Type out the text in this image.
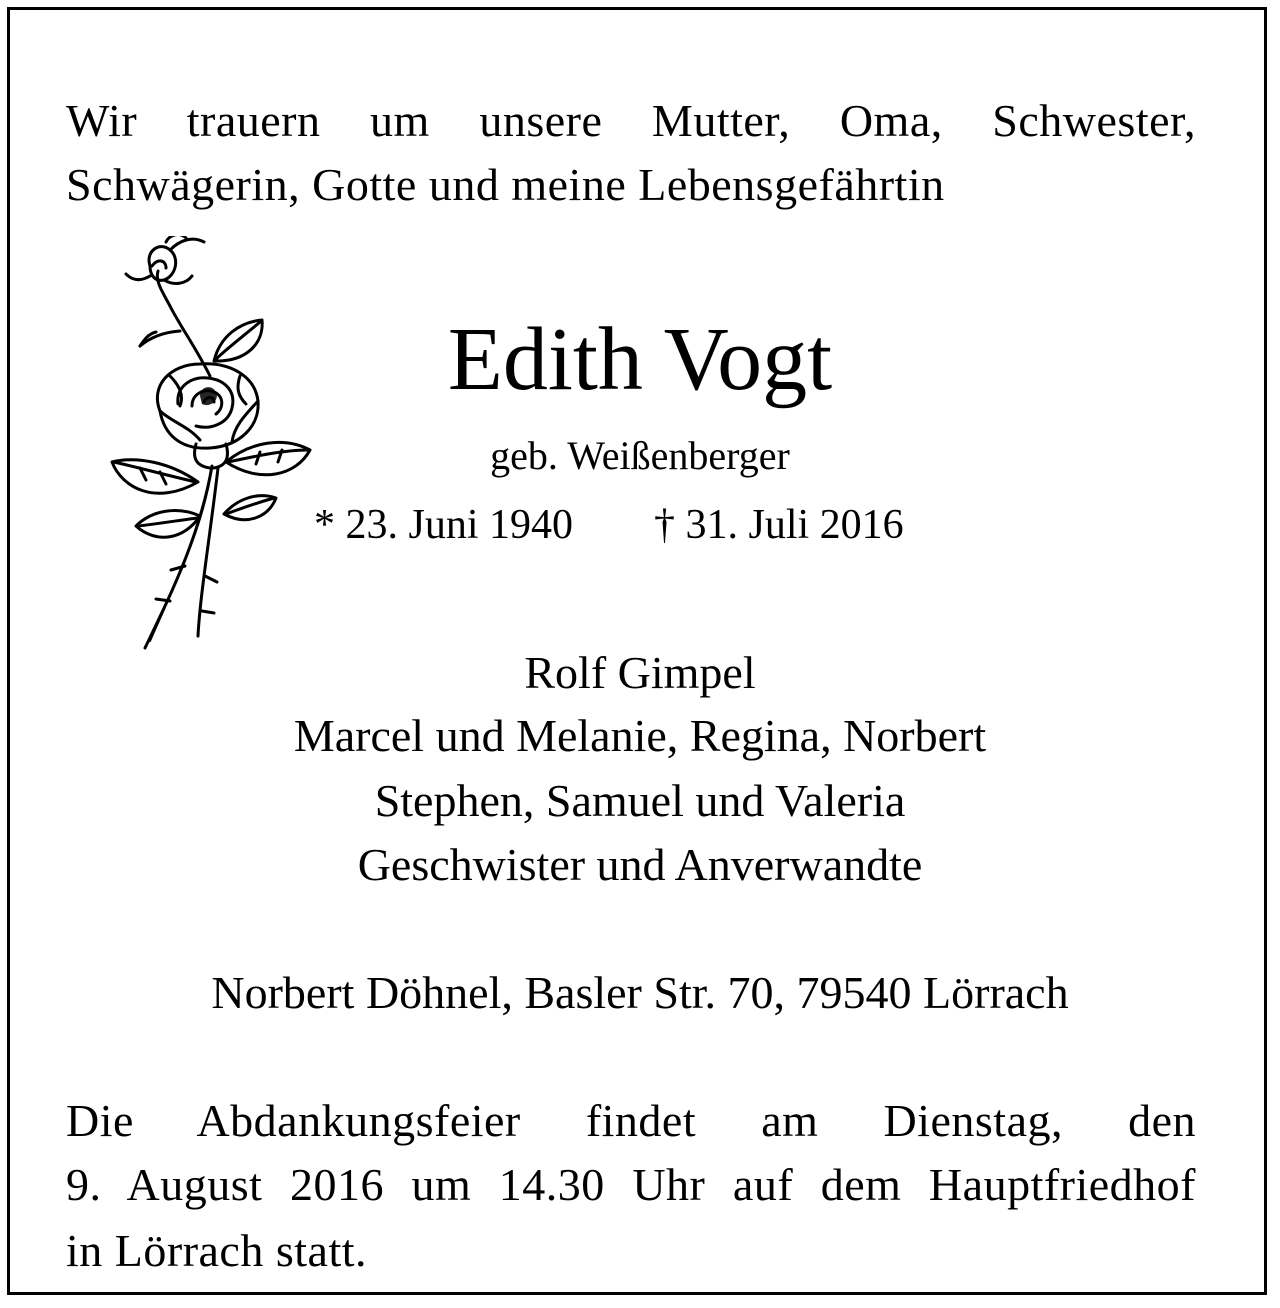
Wir trauern um unsere Mutter, Oma, Schwester,
Schwägerin, Gotte und meine Lebensgefährtin
Edith Vogt
geb. Weißenberger
* 23. Juni 1940 † 31. Juli 2016
Rolf Gimpel
Marcel und Melanie, Regina, Norbert
Stephen, Samuel und Valeria
Geschwister und Anverwandte
Norbert Döhnel, Basler Str. 70, 79540 Lörrach
Die Abdankungsfeier findet am Dienstag, den
9. August 2016 um 14.30 Uhr auf dem Hauptfriedhof
in Lörrach statt.
